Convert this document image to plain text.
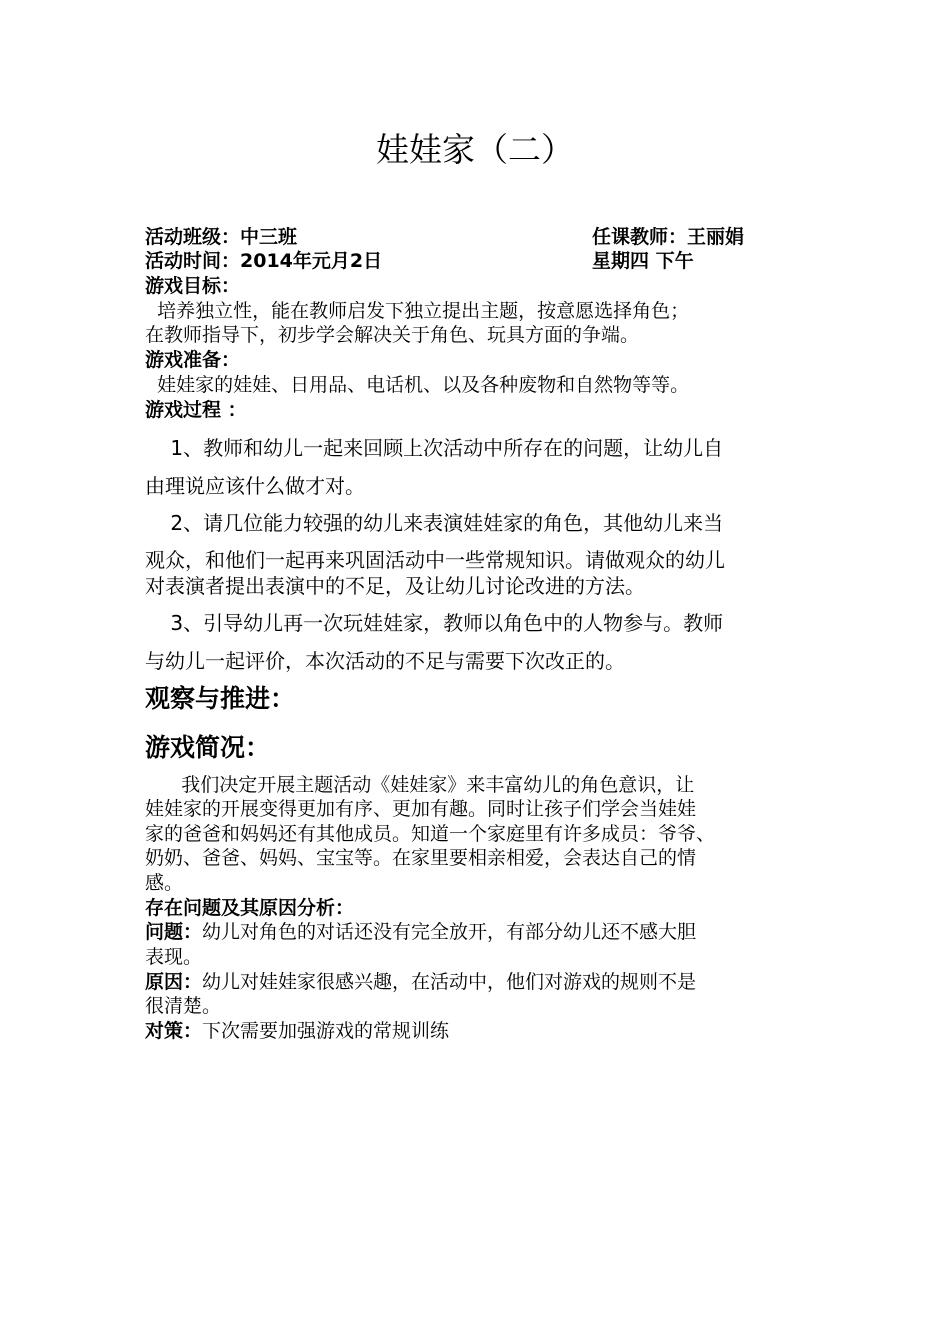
娃娃家（二）
活动班级：中三班	任课教师：王丽娟
活动时间：2014年元月2日	星期四 下午
游戏目标：
培养独立性，能在教师启发下独立提出主题，按意愿选择角色；
在教师指导下，初步学会解决关于角色、玩具方面的争端。
游戏准备：
娃娃家的娃娃、日用品、电话机、以及各种废物和自然物等等。
游戏过程 ：
1、教师和幼儿一起来回顾上次活动中所存在的问题，让幼儿自
由理说应该什么做才对。
2、请几位能力较强的幼儿来表演娃娃家的角色，其他幼儿来当
观众，和他们一起再来巩固活动中一些常规知识。请做观众的幼儿
对表演者提出表演中的不足，及让幼儿讨论改进的方法。
3、引导幼儿再一次玩娃娃家，教师以角色中的人物参与。教师
与幼儿一起评价，本次活动的不足与需要下次改正的。
观察与推进：
游戏简况：
我们决定开展主题活动《娃娃家》来丰富幼儿的角色意识，让
娃娃家的开展变得更加有序、更加有趣。同时让孩子们学会当娃娃
家的爸爸和妈妈还有其他成员。知道一个家庭里有许多成员：爷爷、
奶奶、爸爸、妈妈、宝宝等。在家里要相亲相爱，会表达自己的情
感。
存在问题及其原因分析：
问题：幼儿对角色的对话还没有完全放开，有部分幼儿还不感大胆
表现。
原因：幼儿对娃娃家很感兴趣，在活动中，他们对游戏的规则不是
很清楚。
对策：下次需要加强游戏的常规训练
